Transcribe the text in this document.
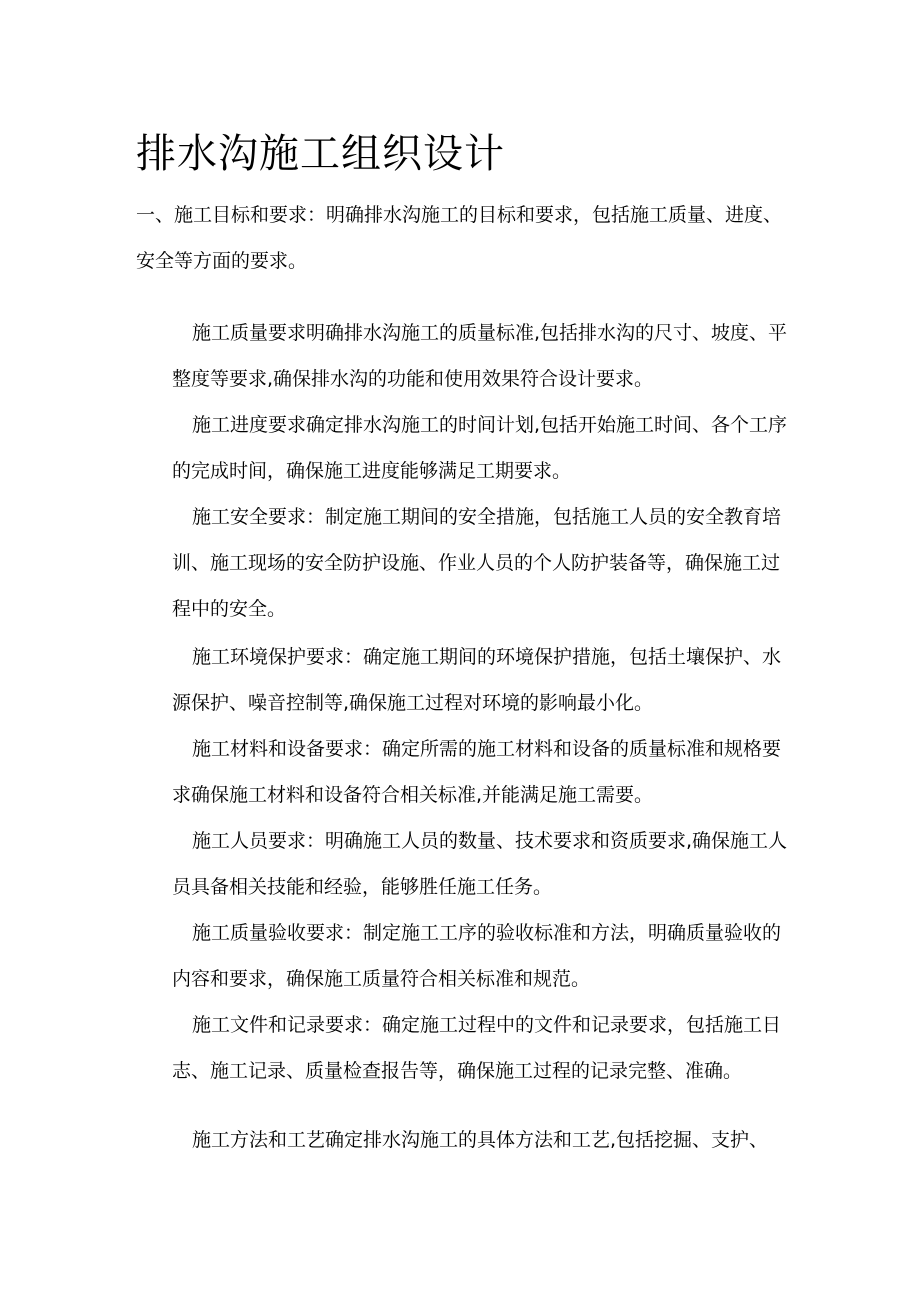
排水沟施工组织设计

一、施工目标和要求：明确排水沟施工的目标和要求，包括施工质量、进度、安全等方面的要求。

施工质量要求明确排水沟施工的质量标准,包括排水沟的尺寸、坡度、平整度等要求,确保排水沟的功能和使用效果符合设计要求。

施工进度要求确定排水沟施工的时间计划,包括开始施工时间、各个工序的完成时间，确保施工进度能够满足工期要求。

施工安全要求：制定施工期间的安全措施，包括施工人员的安全教育培训、施工现场的安全防护设施、作业人员的个人防护装备等，确保施工过程中的安全。

施工环境保护要求：确定施工期间的环境保护措施，包括土壤保护、水源保护、噪音控制等,确保施工过程对环境的影响最小化。

施工材料和设备要求：确定所需的施工材料和设备的质量标准和规格要求确保施工材料和设备符合相关标准,并能满足施工需要。

施工人员要求：明确施工人员的数量、技术要求和资质要求,确保施工人员具备相关技能和经验，能够胜任施工任务。

施工质量验收要求：制定施工工序的验收标准和方法，明确质量验收的内容和要求，确保施工质量符合相关标准和规范。

施工文件和记录要求：确定施工过程中的文件和记录要求，包括施工日志、施工记录、质量检查报告等，确保施工过程的记录完整、准确。

施工方法和工艺确定排水沟施工的具体方法和工艺,包括挖掘、支护、
